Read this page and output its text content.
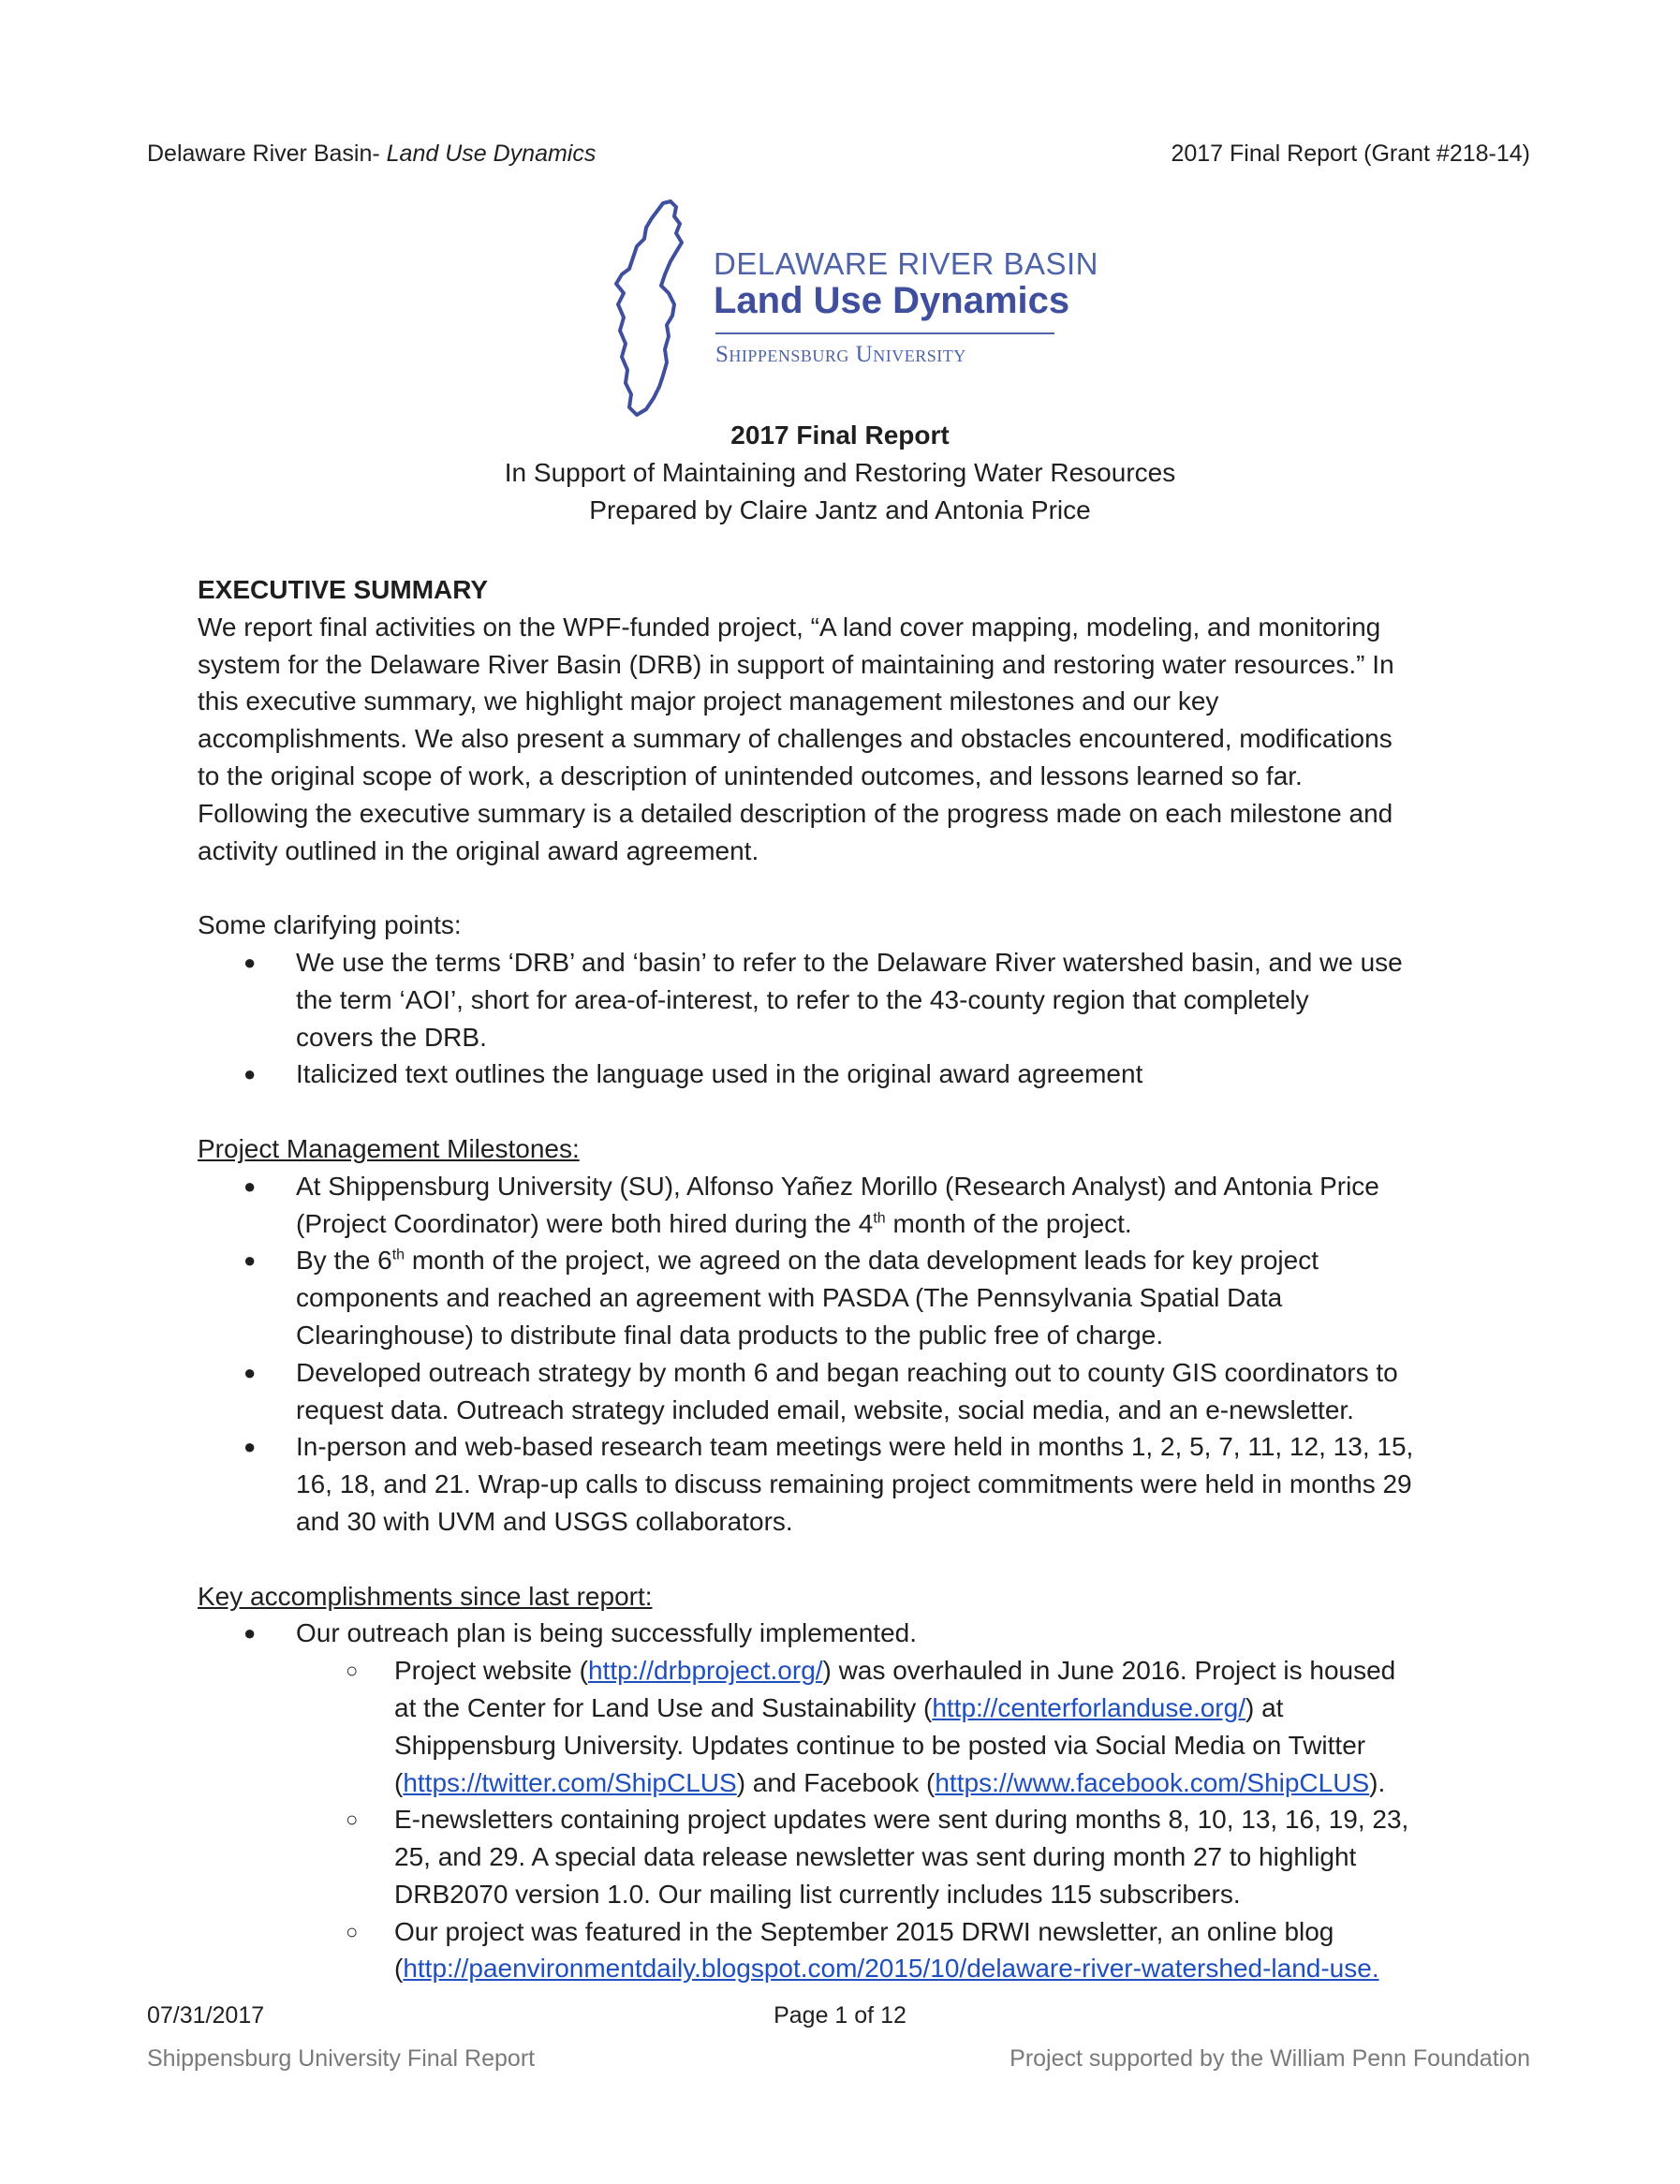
Delaware River Basin- Land Use Dynamics	2017 Final Report (Grant #218-14)
DELAWARE RIVER BASIN
Land Use Dynamics
Shippensburg University
2017 Final Report
In Support of Maintaining and Restoring Water Resources
Prepared by Claire Jantz and Antonia Price

EXECUTIVE SUMMARY

We report final activities on the WPF-funded project, “A land cover mapping, modeling, and monitoring

system for the Delaware River Basin (DRB) in support of maintaining and restoring water resources.” In

this executive summary, we highlight major project management milestones and our key

accomplishments. We also present a summary of challenges and obstacles encountered, modifications

to the original scope of work, a description of unintended outcomes, and lessons learned so far.

Following the executive summary is a detailed description of the progress made on each milestone and

activity outlined in the original award agreement.

Some clarifying points:

● We use the terms ‘DRB’ and ‘basin’ to refer to the Delaware River watershed basin, and we use

the term ‘AOI’, short for area-of-interest, to refer to the 43-county region that completely

covers the DRB.

● Italicized text outlines the language used in the original award agreement

Project Management Milestones:

● At Shippensburg University (SU), Alfonso Yañez Morillo (Research Analyst) and Antonia Price

(Project Coordinator) were both hired during the 4th month of the project.

● By the 6th month of the project, we agreed on the data development leads for key project

components and reached an agreement with PASDA (The Pennsylvania Spatial Data

Clearinghouse) to distribute final data products to the public free of charge.

● Developed outreach strategy by month 6 and began reaching out to county GIS coordinators to

request data. Outreach strategy included email, website, social media, and an e-newsletter.

● In-person and web-based research team meetings were held in months 1, 2, 5, 7, 11, 12, 13, 15,

16, 18, and 21. Wrap-up calls to discuss remaining project commitments were held in months 29

and 30 with UVM and USGS collaborators.

Key accomplishments since last report:

● Our outreach plan is being successfully implemented.

○ Project website (http://drbproject.org/) was overhauled in June 2016. Project is housed

at the Center for Land Use and Sustainability (http://centerforlanduse.org/) at

Shippensburg University. Updates continue to be posted via Social Media on Twitter

(https://twitter.com/ShipCLUS) and Facebook (https://www.facebook.com/ShipCLUS).

○ E-newsletters containing project updates were sent during months 8, 10, 13, 16, 19, 23,

25, and 29. A special data release newsletter was sent during month 27 to highlight

DRB2070 version 1.0. Our mailing list currently includes 115 subscribers.

○ Our project was featured in the September 2015 DRWI newsletter, an online blog

(http://paenvironmentdaily.blogspot.com/2015/10/delaware-river-watershed-land-use.

07/31/2017	Page 1 of 12
Shippensburg University Final Report	Project supported by the William Penn Foundation
